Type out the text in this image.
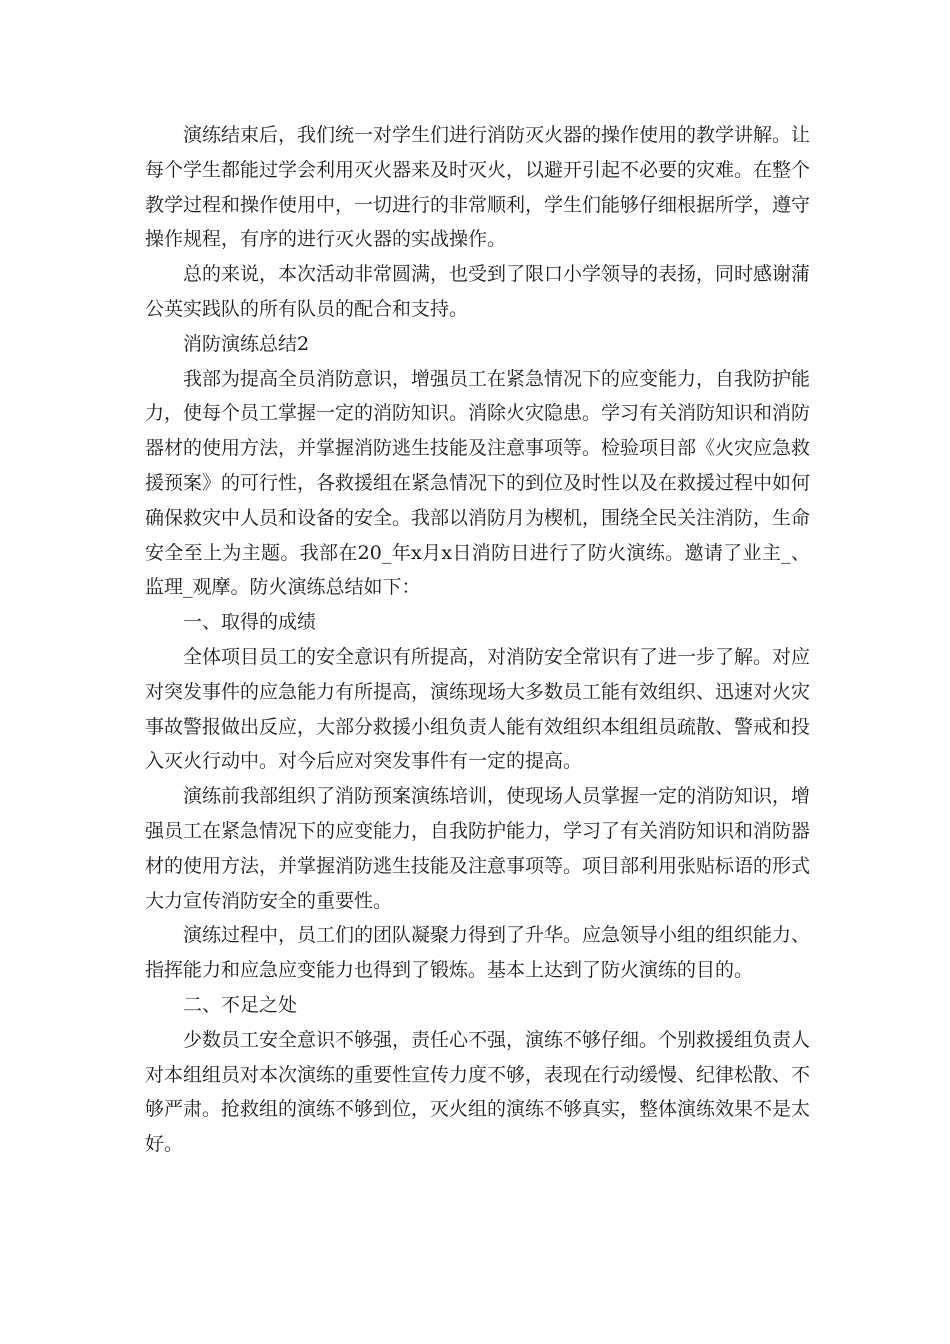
演练结束后，我们统一对学生们进行消防灭火器的操作使用的教学讲解。让每个学生都能过学会利用灭火器来及时灭火，以避开引起不必要的灾难。在整个教学过程和操作使用中，一切进行的非常顺利，学生们能够仔细根据所学，遵守操作规程，有序的进行灭火器的实战操作。

总的来说，本次活动非常圆满，也受到了限口小学领导的表扬，同时感谢蒲公英实践队的所有队员的配合和支持。

消防演练总结2

我部为提高全员消防意识，增强员工在紧急情况下的应变能力，自我防护能力，使每个员工掌握一定的消防知识。消除火灾隐患。学习有关消防知识和消防器材的使用方法，并掌握消防逃生技能及注意事项等。检验项目部《火灾应急救援预案》的可行性，各救援组在紧急情况下的到位及时性以及在救援过程中如何确保救灾中人员和设备的安全。我部以消防月为楔机，围绕全民关注消防，生命安全至上为主题。我部在20_年x月x日消防日进行了防火演练。邀请了业主_、监理_观摩。防火演练总结如下：

一、取得的成绩

全体项目员工的安全意识有所提高，对消防安全常识有了进一步了解。对应对突发事件的应急能力有所提高，演练现场大多数员工能有效组织、迅速对火灾事故警报做出反应，大部分救援小组负责人能有效组织本组组员疏散、警戒和投入灭火行动中。对今后应对突发事件有一定的提高。

演练前我部组织了消防预案演练培训，使现场人员掌握一定的消防知识，增强员工在紧急情况下的应变能力，自我防护能力，学习了有关消防知识和消防器材的使用方法，并掌握消防逃生技能及注意事项等。项目部利用张贴标语的形式大力宣传消防安全的重要性。

演练过程中，员工们的团队凝聚力得到了升华。应急领导小组的组织能力、指挥能力和应急应变能力也得到了锻炼。基本上达到了防火演练的目的。

二、不足之处

少数员工安全意识不够强，责任心不强，演练不够仔细。个别救援组负责人对本组组员对本次演练的重要性宣传力度不够，表现在行动缓慢、纪律松散、不够严肃。抢救组的演练不够到位，灭火组的演练不够真实，整体演练效果不是太好。
